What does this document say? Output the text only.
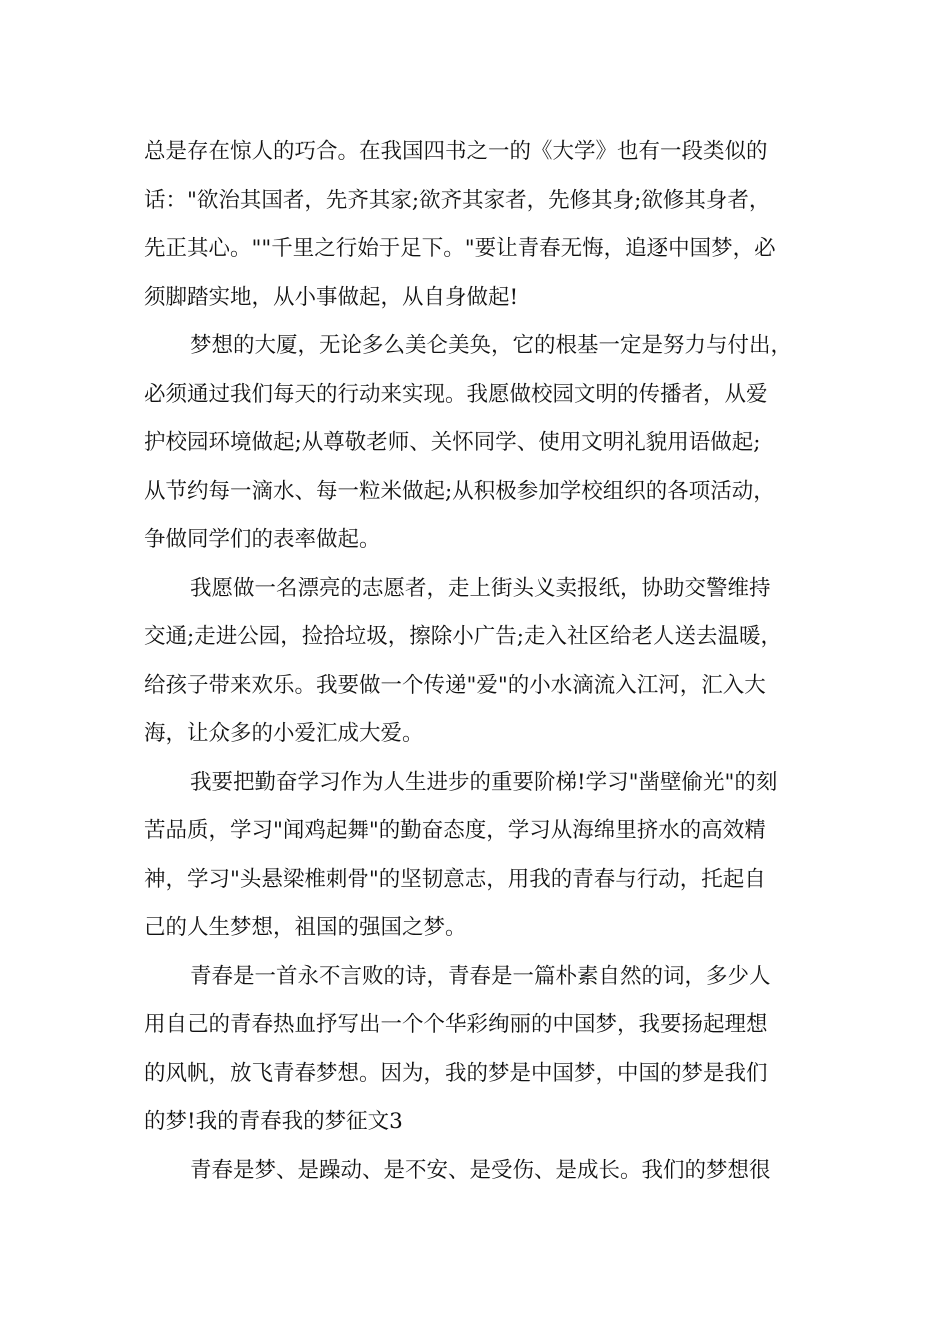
总是存在惊人的巧合。在我国四书之一的《大学》也有一段类似的
话："欲治其国者，先齐其家;欲齐其家者，先修其身;欲修其身者，
先正其心。""千里之行始于足下。"要让青春无悔，追逐中国梦，必
须脚踏实地，从小事做起，从自身做起!

梦想的大厦，无论多么美仑美奂，它的根基一定是努力与付出，
必须通过我们每天的行动来实现。我愿做校园文明的传播者，从爱
护校园环境做起;从尊敬老师、关怀同学、使用文明礼貌用语做起;
从节约每一滴水、每一粒米做起;从积极参加学校组织的各项活动，
争做同学们的表率做起。

我愿做一名漂亮的志愿者，走上街头义卖报纸，协助交警维持
交通;走进公园，捡拾垃圾，擦除小广告;走入社区给老人送去温暖，
给孩子带来欢乐。我要做一个传递"爱"的小水滴流入江河，汇入大
海，让众多的小爱汇成大爱。

我要把勤奋学习作为人生进步的重要阶梯!学习"凿壁偷光"的刻
苦品质，学习"闻鸡起舞"的勤奋态度，学习从海绵里挤水的高效精
神，学习"头悬梁椎刺骨"的坚韧意志，用我的青春与行动，托起自
己的人生梦想，祖国的强国之梦。

青春是一首永不言败的诗，青春是一篇朴素自然的词，多少人
用自己的青春热血抒写出一个个华彩绚丽的中国梦，我要扬起理想
的风帆，放飞青春梦想。因为，我的梦是中国梦，中国的梦是我们
的梦!我的青春我的梦征文3

青春是梦、是躁动、是不安、是受伤、是成长。我们的梦想很
